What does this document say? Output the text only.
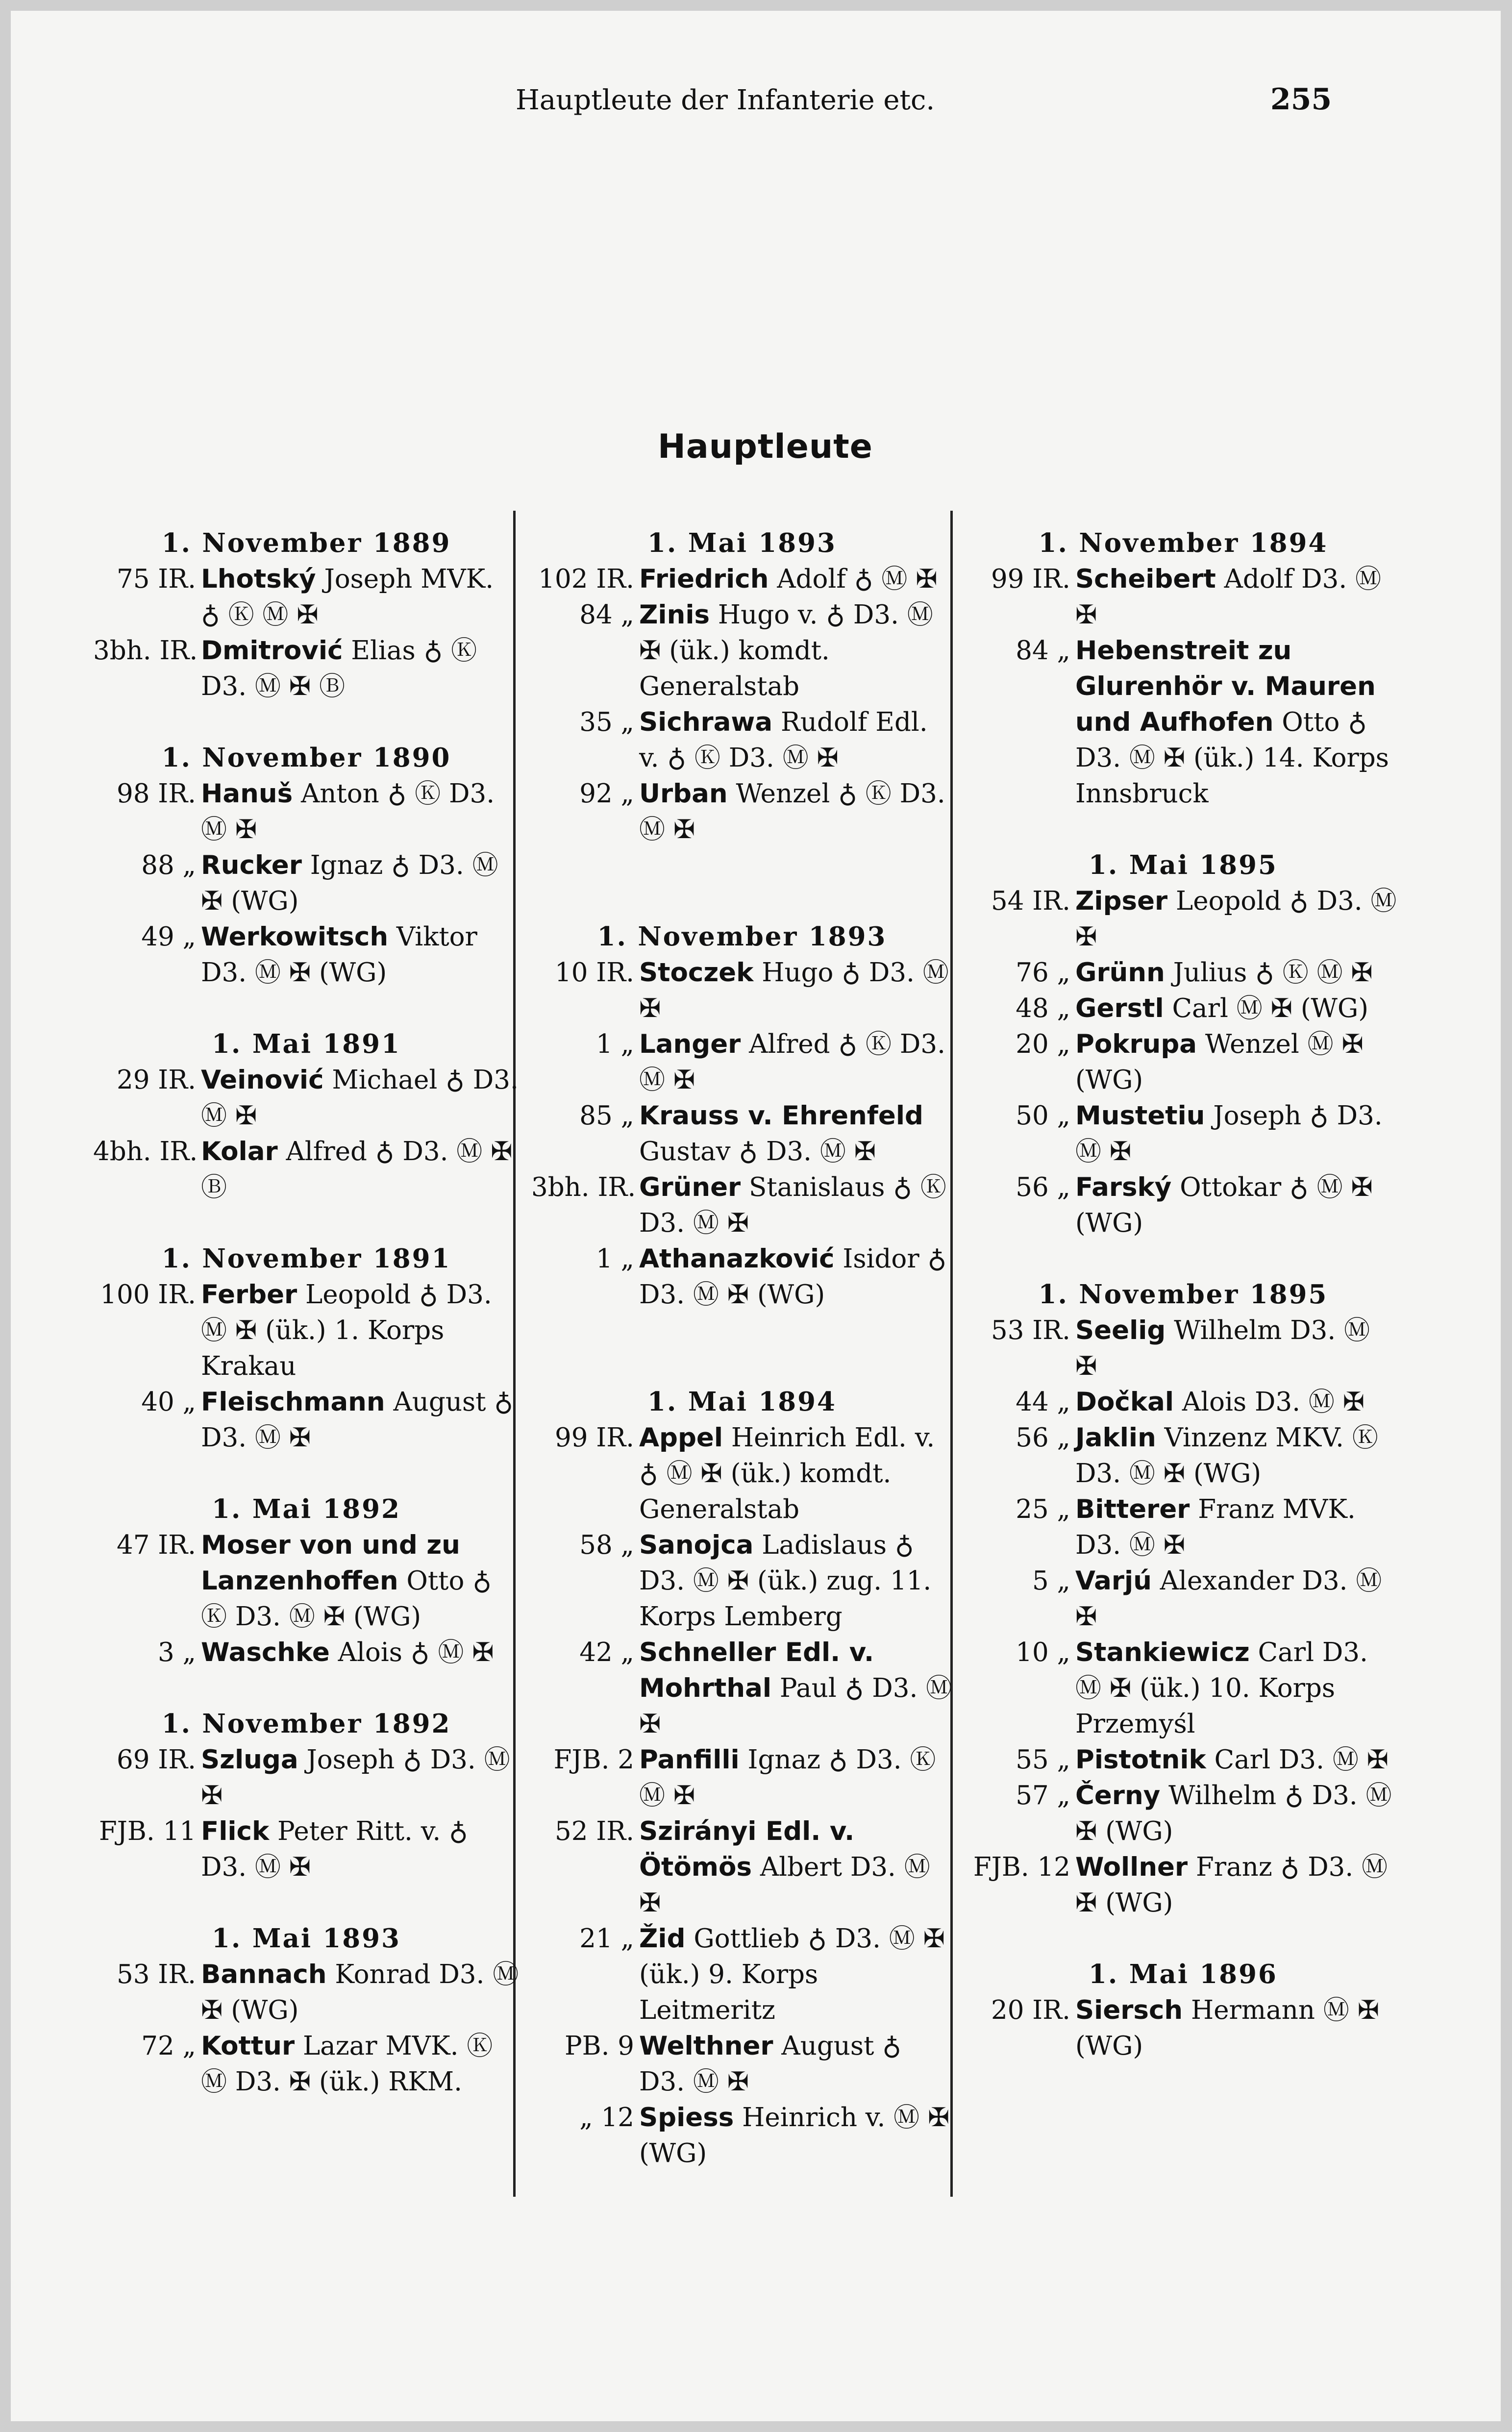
Hauptleute der Infanterie etc.	255
Hauptleute
1. November 1889
75 IR. Lhotský Joseph MVK. ♁ Ⓚ Ⓜ ✠
3bh. IR. Dmitrović Elias ♁ Ⓚ D3. Ⓜ ✠ Ⓑ
1. November 1890
98 IR. Hanuš Anton ♁ Ⓚ D3. Ⓜ ✠
88 „ Rucker Ignaz ♁ D3. Ⓜ ✠ (WG)
49 „ Werkowitsch Viktor D3. Ⓜ ✠ (WG)
1. Mai 1891
29 IR. Veinović Michael ♁ D3. Ⓜ ✠
4bh. IR. Kolar Alfred ♁ D3. Ⓜ ✠ Ⓑ
1. November 1891
100 IR. Ferber Leopold ♁ D3. Ⓜ ✠ (ük.) 1. Korps Krakau
40 „ Fleischmann August ♁ D3. Ⓜ ✠
1. Mai 1892
47 IR. Moser von und zu Lanzenhoffen Otto ♁ Ⓚ D3. Ⓜ ✠ (WG)
3 „ Waschke Alois ♁ Ⓜ ✠
1. November 1892
69 IR. Szluga Joseph ♁ D3. Ⓜ ✠
FJB. 11 Flick Peter Ritt. v. ♁ D3. Ⓜ ✠
1. Mai 1893
53 IR. Bannach Konrad D3. Ⓜ ✠ (WG)
72 „ Kottur Lazar MVK. Ⓚ Ⓜ D3. ✠ (ük.) RKM.
1. Mai 1893
102 IR. Friedrich Adolf ♁ Ⓜ ✠
84 „ Zinis Hugo v. ♁ D3. Ⓜ ✠ (ük.) komdt. Generalstab
35 „ Sichrawa Rudolf Edl. v. ♁ Ⓚ D3. Ⓜ ✠
92 „ Urban Wenzel ♁ Ⓚ D3. Ⓜ ✠
1. November 1893
10 IR. Stoczek Hugo ♁ D3. Ⓜ ✠
1 „ Langer Alfred ♁ Ⓚ D3. Ⓜ ✠
85 „ Krauss v. Ehrenfeld Gustav ♁ D3. Ⓜ ✠
3bh. IR. Grüner Stanislaus ♁ Ⓚ D3. Ⓜ ✠
1 „ Athanazković Isidor ♁ D3. Ⓜ ✠ (WG)
1. Mai 1894
99 IR. Appel Heinrich Edl. v. ♁ Ⓜ ✠ (ük.) komdt. Generalstab
58 „ Sanojca Ladislaus ♁ D3. Ⓜ ✠ (ük.) zug. 11. Korps Lemberg
42 „ Schneller Edl. v. Mohrthal Paul ♁ D3. Ⓜ ✠
FJB. 2 Panfilli Ignaz ♁ D3. Ⓚ Ⓜ ✠
52 IR. Szirányi Edl. v. Ötömös Albert D3. Ⓜ ✠
21 „ Žid Gottlieb ♁ D3. Ⓜ ✠ (ük.) 9. Korps Leitmeritz
PB. 9 Welthner August ♁ D3. Ⓜ ✠
„ 12 Spiess Heinrich v. Ⓜ ✠ (WG)
1. November 1894
99 IR. Scheibert Adolf D3. Ⓜ ✠
84 „ Hebenstreit zu Glurenhör v. Mauren und Aufhofen Otto ♁ D3. Ⓜ ✠ (ük.) 14. Korps Innsbruck
1. Mai 1895
54 IR. Zipser Leopold ♁ D3. Ⓜ ✠
76 „ Grünn Julius ♁ Ⓚ Ⓜ ✠
48 „ Gerstl Carl Ⓜ ✠ (WG)
20 „ Pokrupa Wenzel Ⓜ ✠ (WG)
50 „ Mustetiu Joseph ♁ D3. Ⓜ ✠
56 „ Farský Ottokar ♁ Ⓜ ✠ (WG)
1. November 1895
53 IR. Seelig Wilhelm D3. Ⓜ ✠
44 „ Dočkal Alois D3. Ⓜ ✠
56 „ Jaklin Vinzenz MKV. Ⓚ D3. Ⓜ ✠ (WG)
25 „ Bitterer Franz MVK. D3. Ⓜ ✠
5 „ Varjú Alexander D3. Ⓜ ✠
10 „ Stankiewicz Carl D3. Ⓜ ✠ (ük.) 10. Korps Przemyśl
55 „ Pistotnik Carl D3. Ⓜ ✠
57 „ Černy Wilhelm ♁ D3. Ⓜ ✠ (WG)
FJB. 12 Wollner Franz ♁ D3. Ⓜ ✠ (WG)
1. Mai 1896
20 IR. Siersch Hermann Ⓜ ✠ (WG)
